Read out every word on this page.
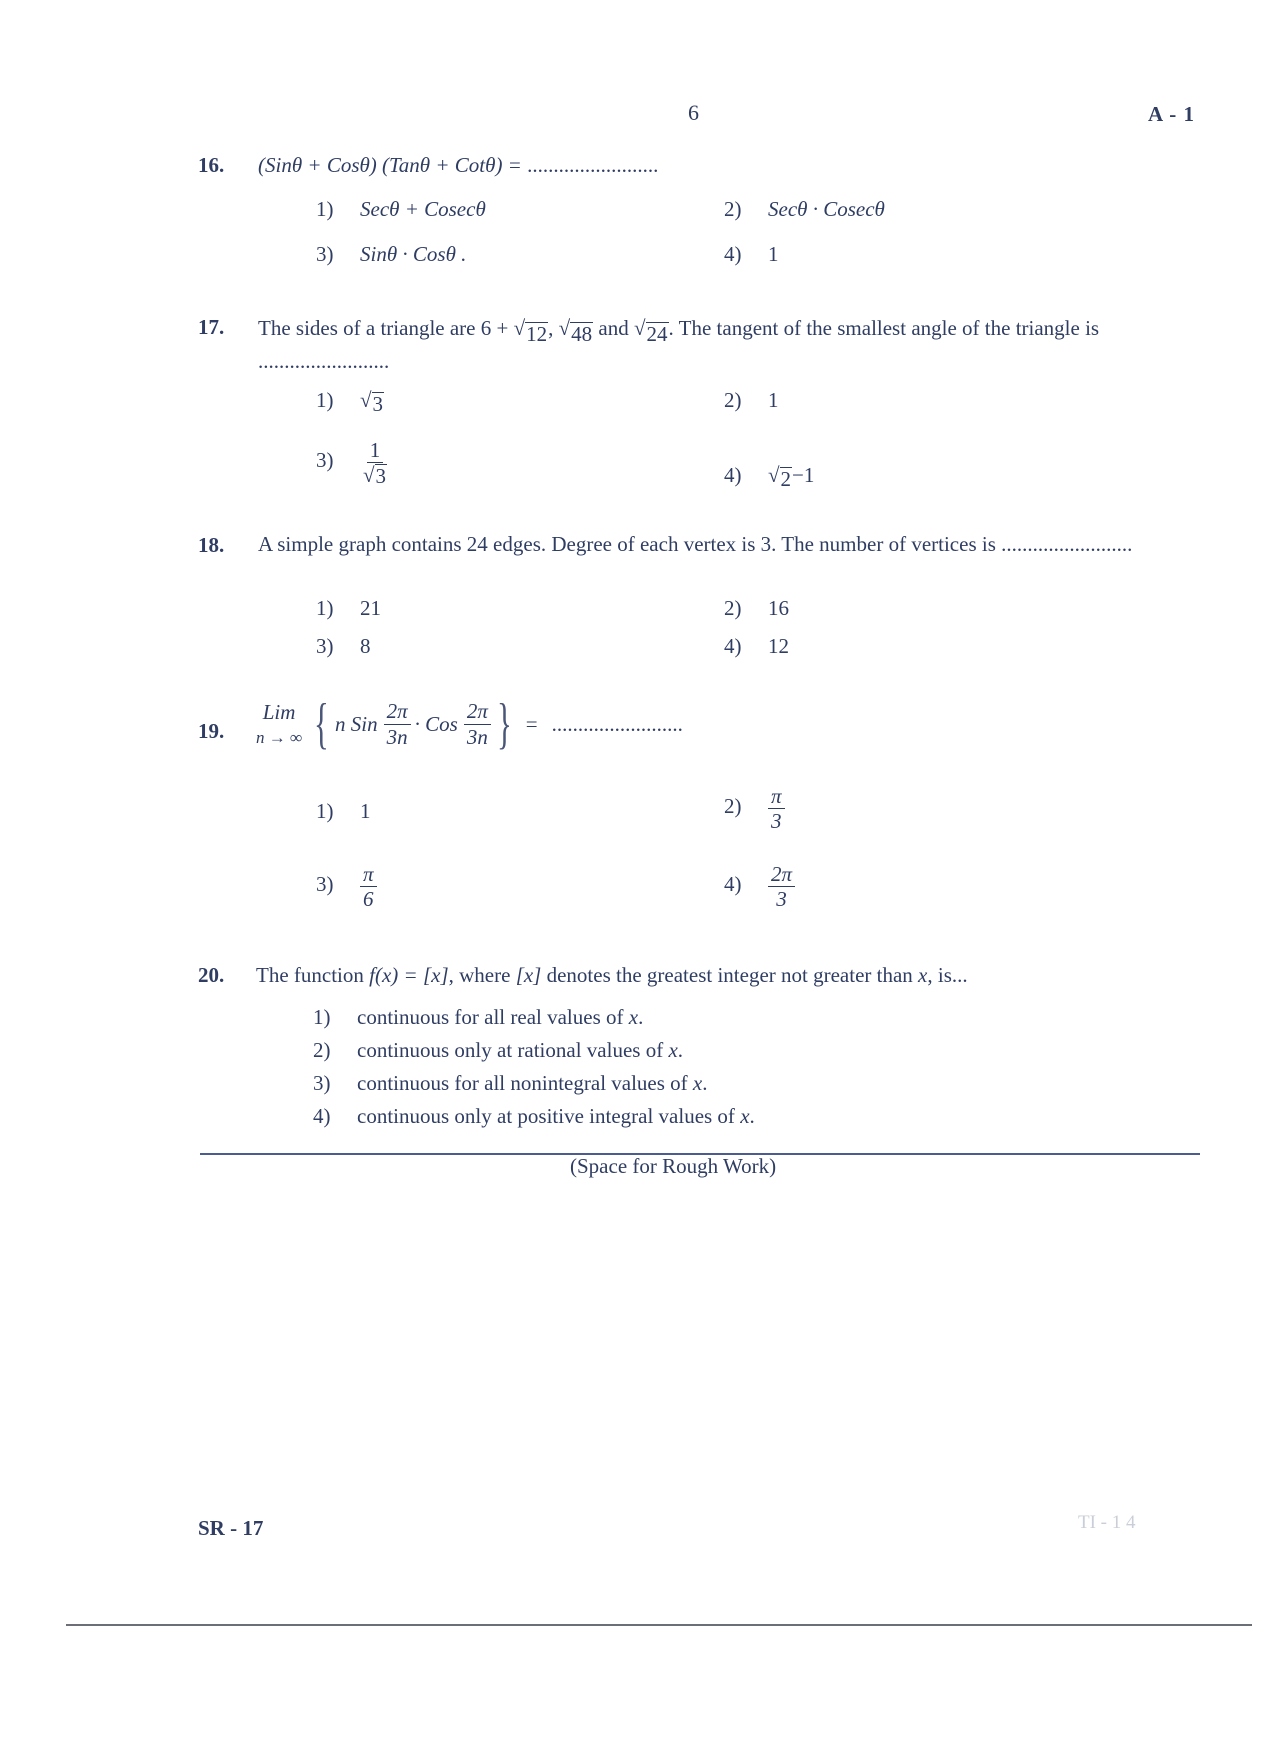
6	A - 1
16. (Sinθ + Cosθ) (Tanθ + Cotθ) = .........................
1) Secθ + Cosecθ	2) Secθ · Cosecθ
3) Sinθ · Cosθ .	4) 1
17. The sides of a triangle are 6 + √ 12 , √ 48 and √ 24 . The tangent of the smallest angle of the triangle is .........................
1) √ 3	2) 1
$3) \frac{1}{√ 3}$	4) √ 2 −1
18. A simple graph contains 24 edges. Degree of each vertex is 3. The number of vertices is .........................
1) 21	2) 16
3) 8	4) 12
19.
Lim
n → ∞ { n Sin $\frac{2\pi}{3n}$ · Cos $\frac{2\pi}{3n}$ } = .........................
1) 1	$2) \frac{\pi}{3}$
$3) \frac{\pi}{6}$	$4) \frac{2\pi}{3}$
20. The function f(x) = [x], where [x] denotes the greatest integer not greater than x, is...
1) continuous for all real values of x.
2) continuous only at rational values of x.
3) continuous for all nonintegral values of x.
4) continuous only at positive integral values of x.
(Space for Rough Work)
SR - 17	TI - 1 4
